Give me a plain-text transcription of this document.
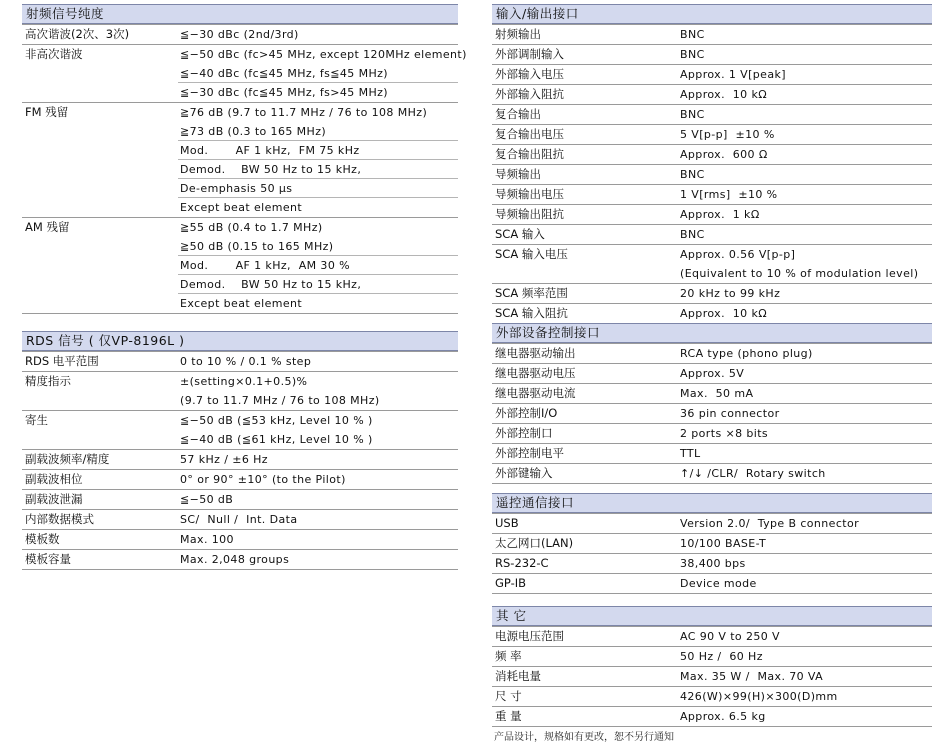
射频信号纯度
高次谐波(2次、3次)	≦−30 dBc (2nd/3rd)
非高次谐波	≦−50 dBc (fc>45 MHz, except 120MHz element)
≦−40 dBc (fc≦45 MHz, fs≦45 MHz)
≦−30 dBc (fc≦45 MHz, fs>45 MHz)
FM 残留	≧76 dB (9.7 to 11.7 MHz / 76 to 108 MHz)
≧73 dB (0.3 to 165 MHz)
Mod.       AF 1 kHz,  FM 75 kHz
Demod.    BW 50 Hz to 15 kHz,
De-emphasis 50 μs
Except beat element
AM 残留	≧55 dB (0.4 to 1.7 MHz)
≧50 dB (0.15 to 165 MHz)
Mod.       AF 1 kHz,  AM 30 %
Demod.    BW 50 Hz to 15 kHz,
Except beat element
RDS 信号 ( 仅VP-8196L )
RDS 电平范围	0 to 10 % / 0.1 % step
精度指示	±(setting×0.1+0.5)%
(9.7 to 11.7 MHz / 76 to 108 MHz)
寄生	≦−50 dB (≦53 kHz, Level 10 % )
≦−40 dB (≦61 kHz, Level 10 % )
副载波频率/精度	57 kHz / ±6 Hz
副载波相位	0° or 90° ±10° (to the Pilot)
副载波泄漏	≦−50 dB
内部数据模式	SC/  Null /  Int. Data
模板数	Max. 100
模板容量	Max. 2,048 groups
输入/输出接口
射频输出	BNC
外部调制输入	BNC
外部输入电压	Approx. 1 V[peak]
外部输入阻抗	Approx.  10 kΩ
复合输出	BNC
复合输出电压	5 V[p-p]  ±10 %
复合输出阻抗	Approx.  600 Ω
导频输出	BNC
导频输出电压	1 V[rms]  ±10 %
导频输出阻抗	Approx.  1 kΩ
SCA 输入	BNC
SCA 输入电压	Approx. 0.56 V[p-p]
(Equivalent to 10 % of modulation level)
SCA 频率范围	20 kHz to 99 kHz
SCA 输入阻抗	Approx.  10 kΩ
外部设备控制接口
继电器驱动输出	RCA type (phono plug)
继电器驱动电压	Approx. 5V
继电器驱动电流	Max.  50 mA
外部控制I/O	36 pin connector
外部控制口	2 ports ×8 bits
外部控制电平	TTL
外部键输入	↑/↓ /CLR/  Rotary switch
遥控通信接口
USB	Version 2.0/  Type B connector
太乙网口(LAN)	10/100 BASE-T
RS-232-C	38,400 bps
GP-IB	Device mode
其 它
电源电压范围	AC 90 V to 250 V
频 率	50 Hz /  60 Hz
消耗电量	Max. 35 W /  Max. 70 VA
尺 寸	426(W)×99(H)×300(D)mm
重 量	Approx. 6.5 kg
产品设计，规格如有更改，恕不另行通知
